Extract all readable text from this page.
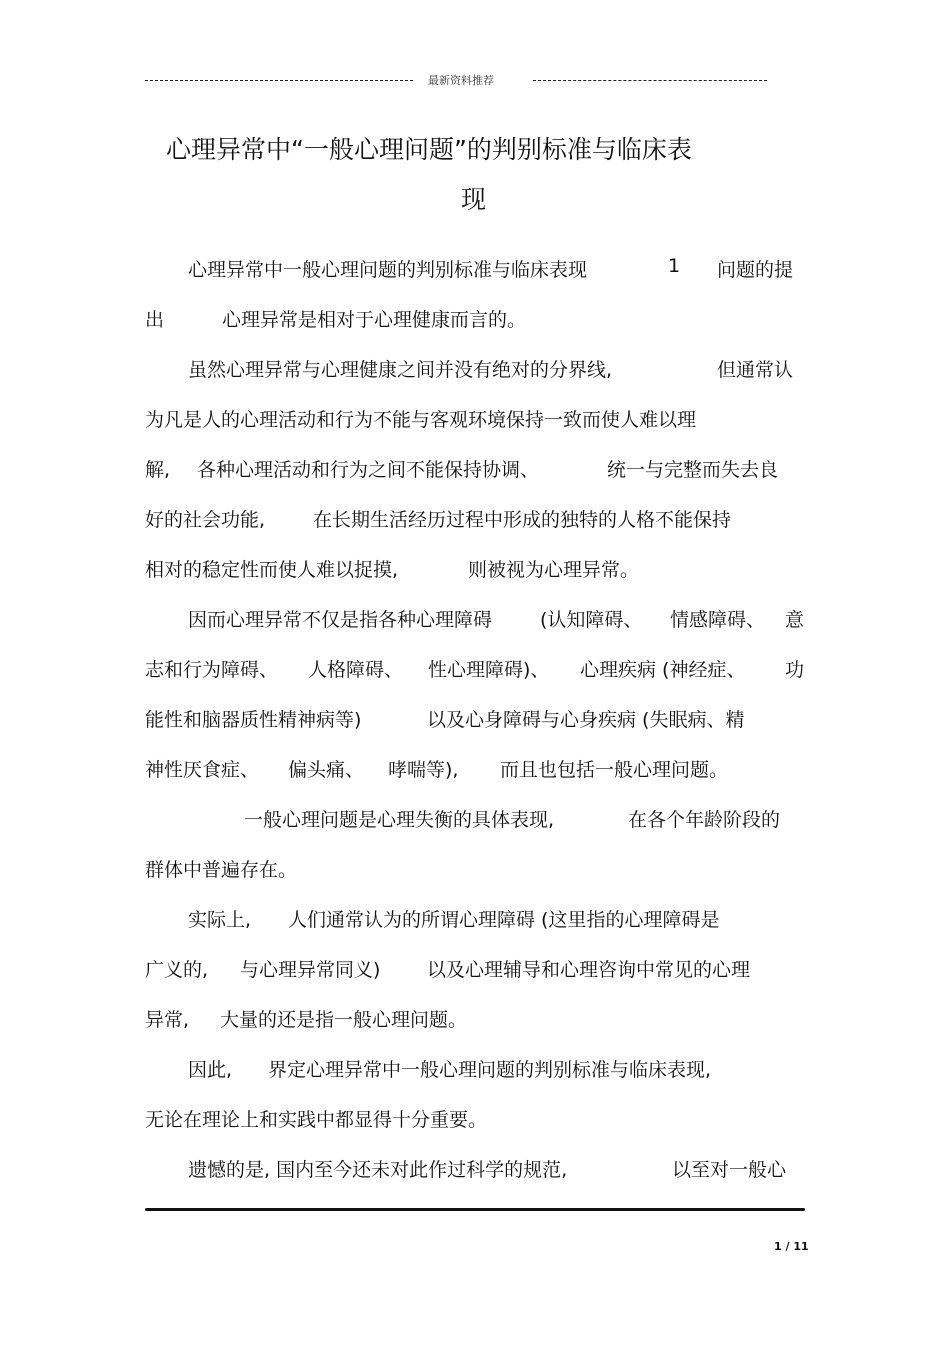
最新资料推荐
心理异常中“一般心理问题”的判别标准与临床表
现
心理异常中一般心理问题的判别标准与临床表现	1 问题的提
出	心理异常是相对于心理健康而言的。
虽然心理异常与心理健康之间并没有绝对的分界线,	但通常认
为凡是人的心理活动和行为不能与客观环境保持一致而使人难以理
解, 各种心理活动和行为之间不能保持协调、	统一与完整而失去良
好的社会功能,	在长期生活经历过程中形成的独特的人格不能保持
相对的稳定性而使人难以捉摸,	则被视为心理异常。
因而心理异常不仅是指各种心理障碍	(认知障碍、 情感障碍、 意
志和行为障碍、 人格障碍、 性心理障碍)、 心理疾病 (神经症、 功
能性和脑器质性精神病等)	以及心身障碍与心身疾病 (失眠病、精
神性厌食症、 偏头痛、 哮喘等), 而且也包括一般心理问题。
一般心理问题是心理失衡的具体表现,	在各个年龄阶段的
群体中普遍存在。
实际上, 人们通常认为的所谓心理障碍 (这里指的心理障碍是
广义的, 与心理异常同义) 以及心理辅导和心理咨询中常见的心理
异常, 大量的还是指一般心理问题。
因此, 界定心理异常中一般心理问题的判别标准与临床表现,
无论在理论上和实践中都显得十分重要。
遗憾的是, 国内至今还未对此作过科学的规范,	以至对一般心
1 / 11
